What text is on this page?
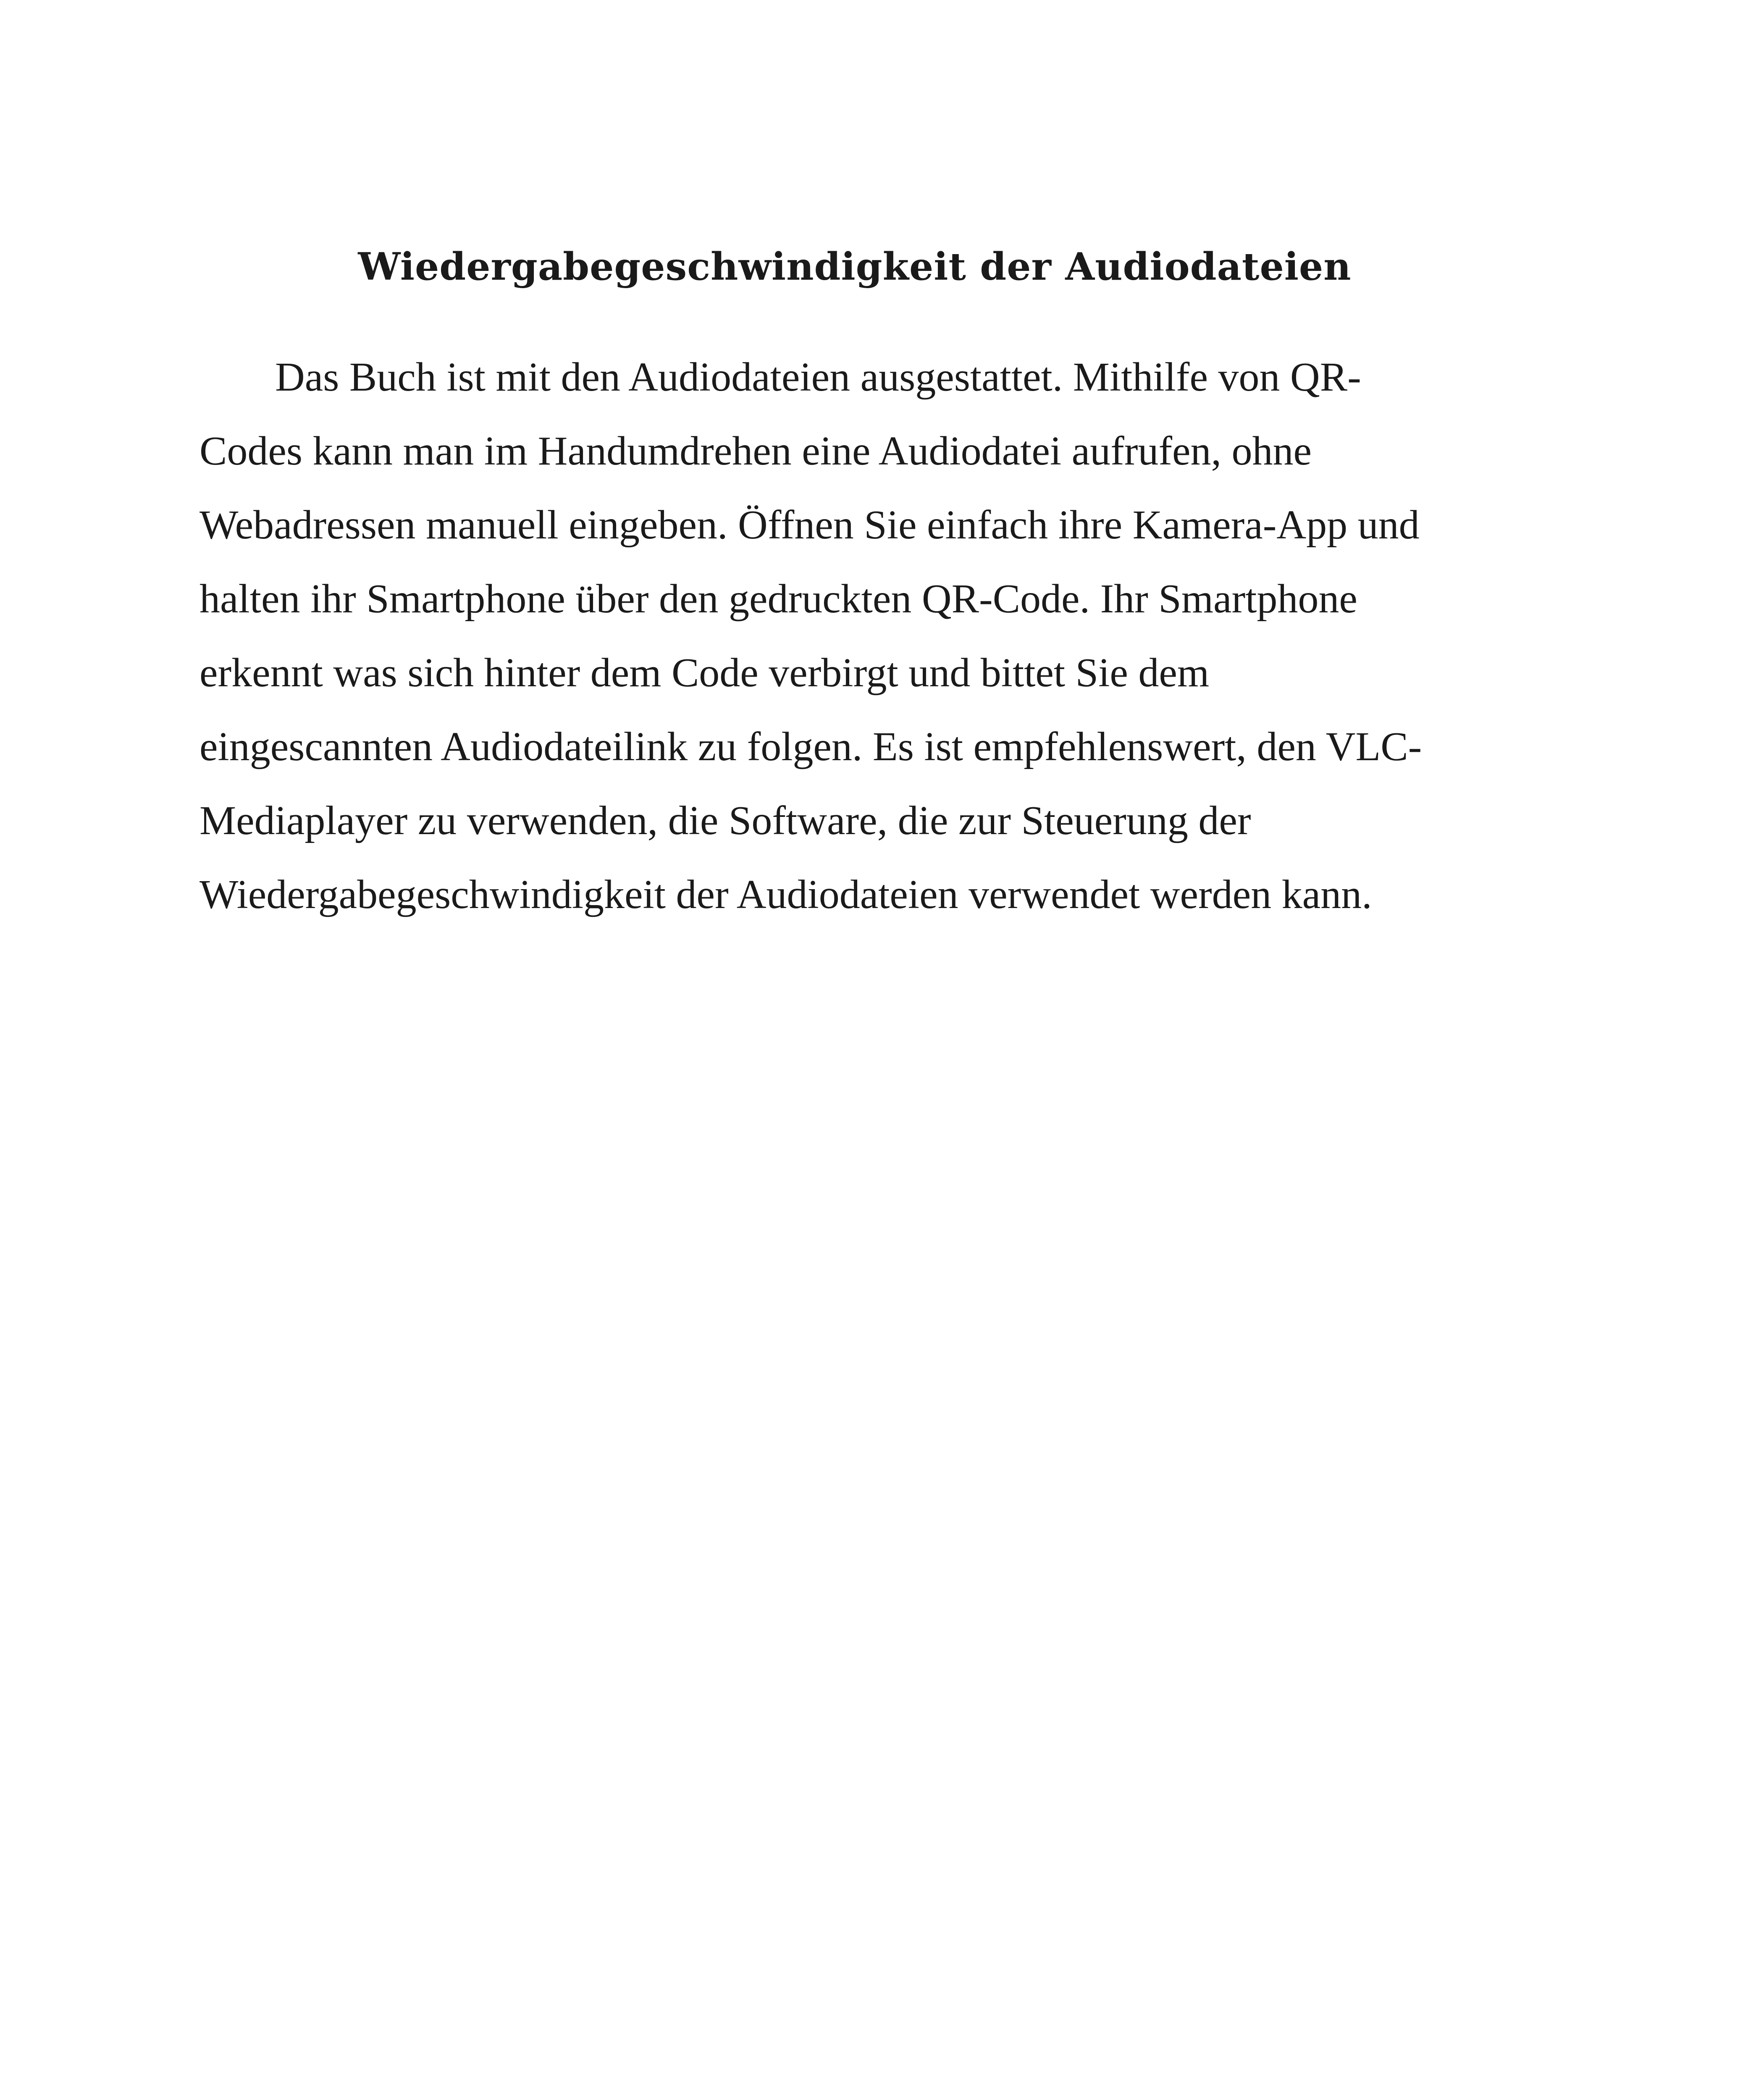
Wiedergabegeschwindigkeit der Audiodateien
Das Buch ist mit den Audiodateien ausgestattet. Mithilfe von QR-
Codes kann man im Handumdrehen eine Audiodatei aufrufen, ohne
Webadressen manuell eingeben. Öffnen Sie einfach ihre Kamera-App und
halten ihr Smartphone über den gedruckten QR-Code. Ihr Smartphone
erkennt was sich hinter dem Code verbirgt und bittet Sie dem
eingescannten Audiodateilink zu folgen. Es ist empfehlenswert, den VLC-
Mediaplayer zu verwenden, die Software, die zur Steuerung der
Wiedergabegeschwindigkeit der Audiodateien verwendet werden kann.
